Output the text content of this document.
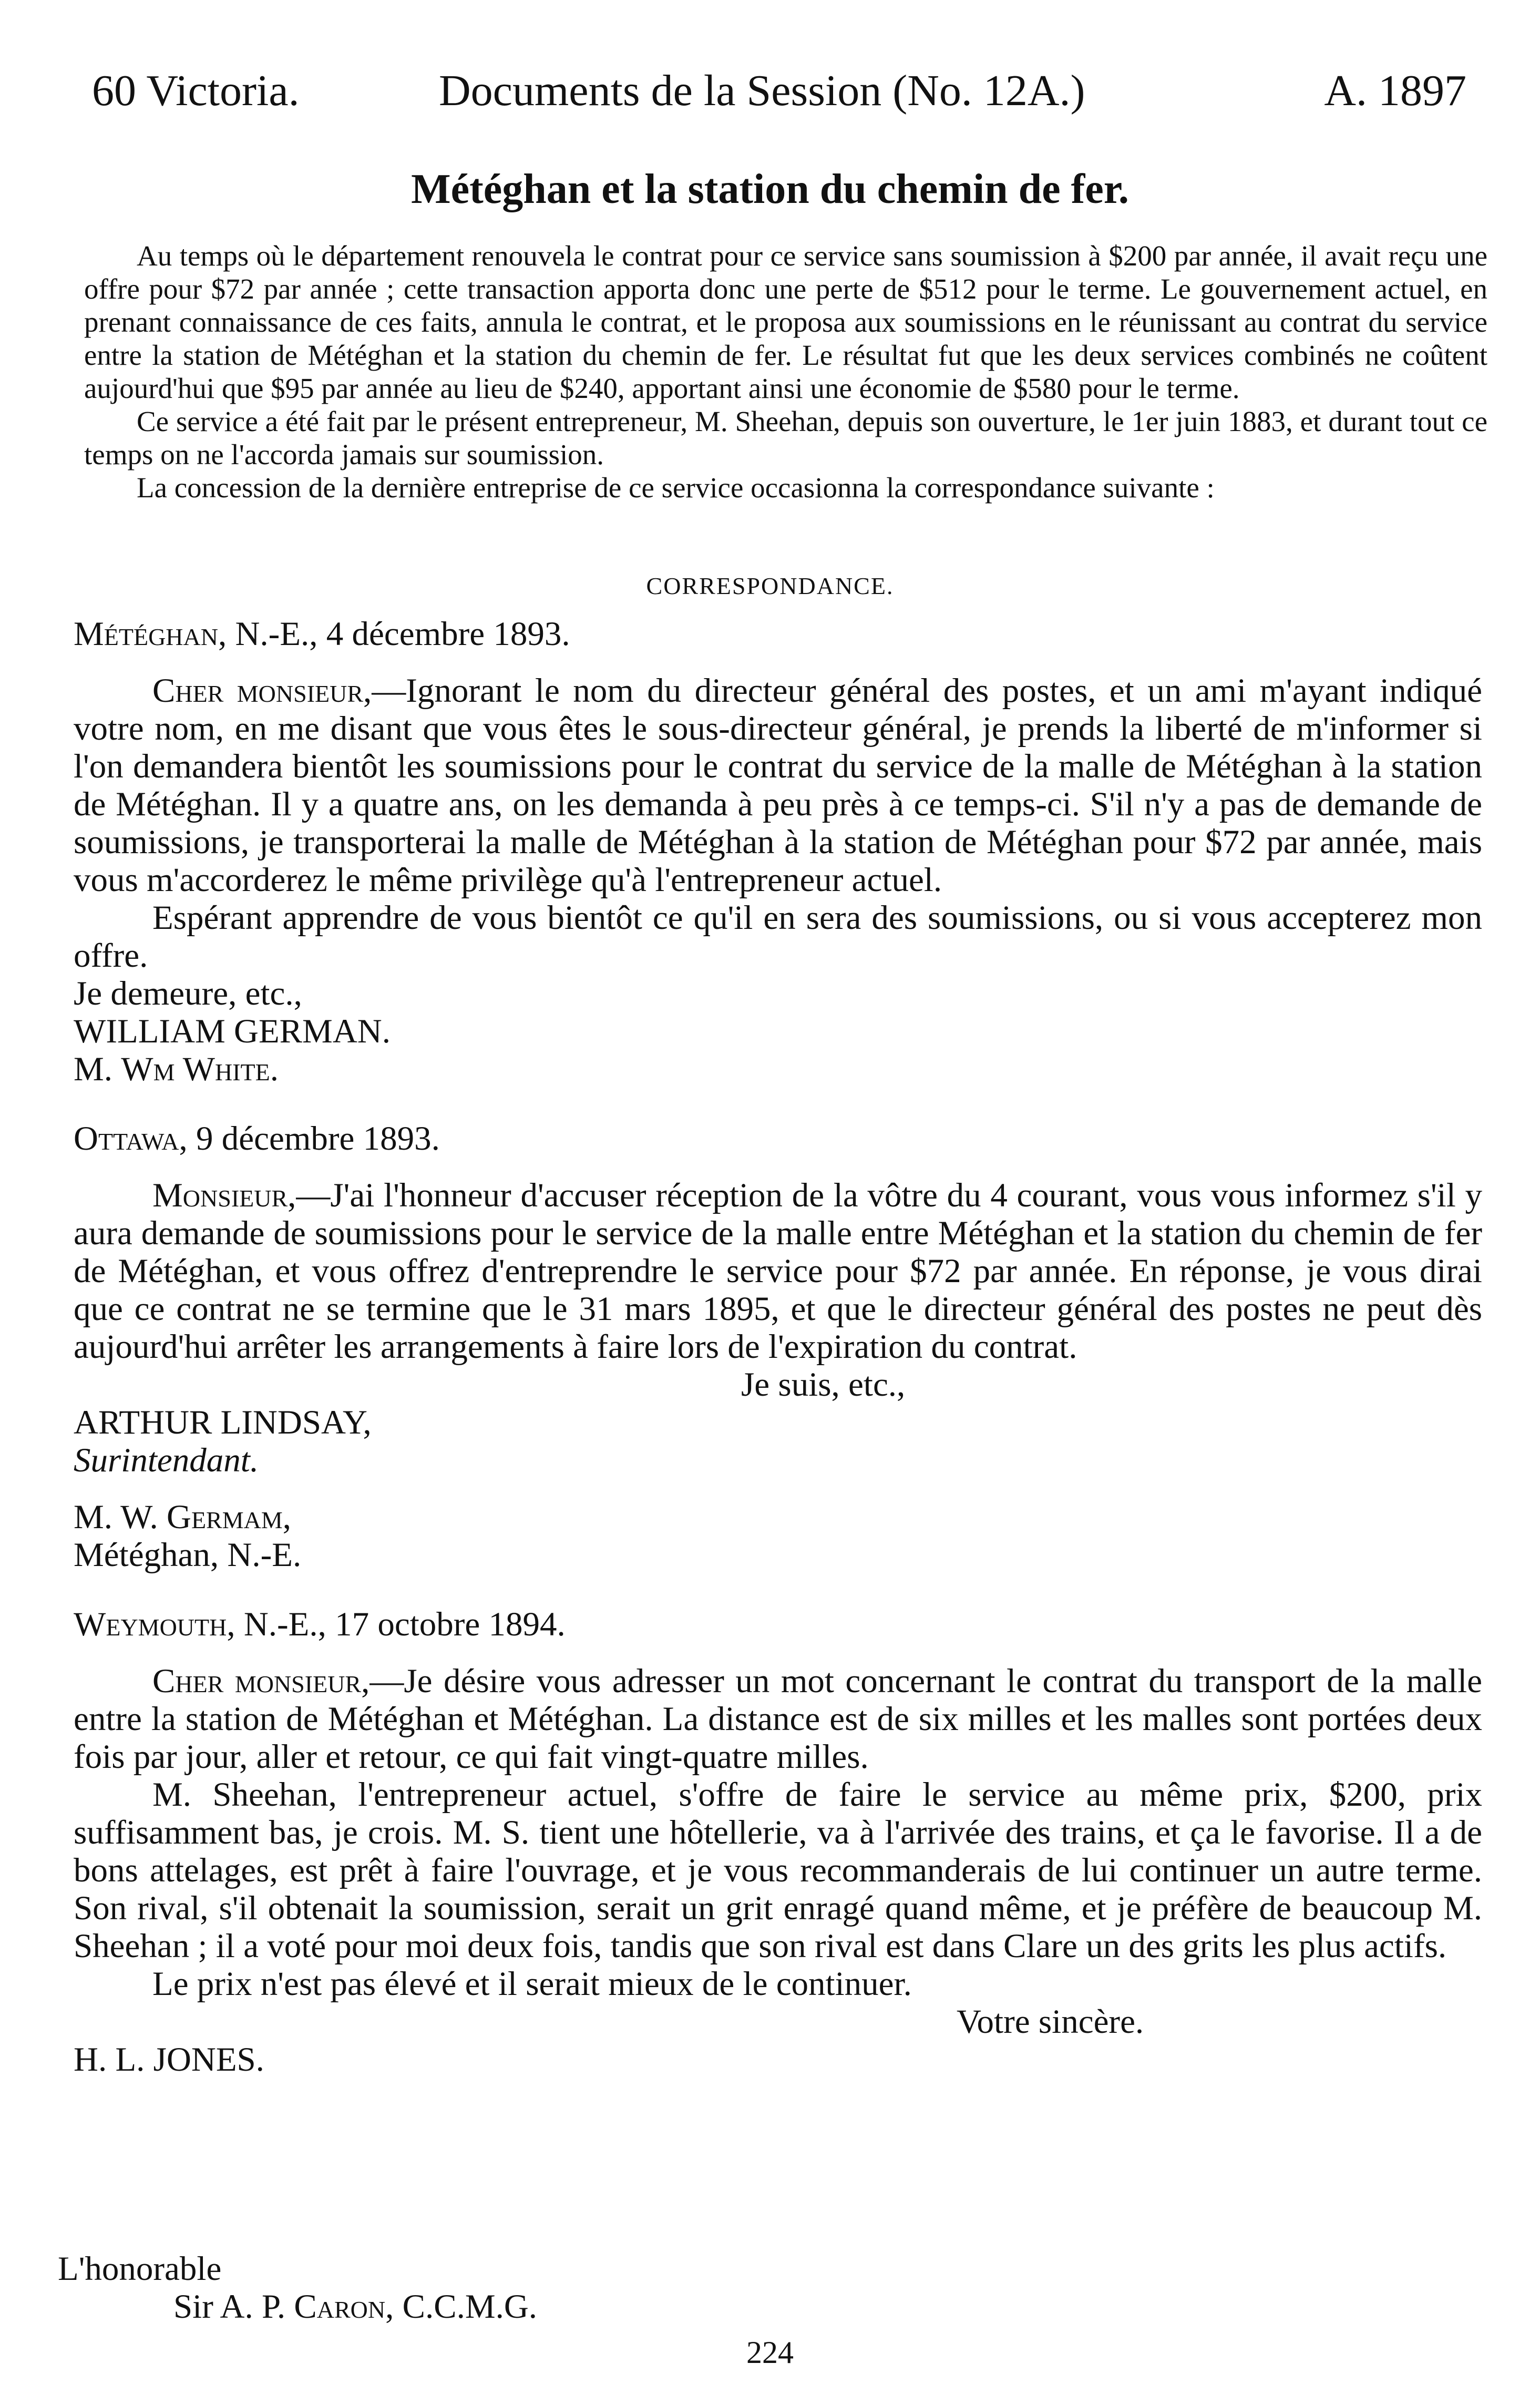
60 Victoria.	Documents de la Session (No. 12A.)	A. 1897
Météghan et la station du chemin de fer.

Au temps où le département renouvela le contrat pour ce service sans soumission à $200 par année, il avait reçu une offre pour $72 par année ; cette transaction apporta donc une perte de $512 pour le terme. Le gouvernement actuel, en prenant connaissance de ces faits, annula le contrat, et le proposa aux soumissions en le réunissant au contrat du service entre la station de Météghan et la station du chemin de fer. Le résultat fut que les deux services combinés ne coûtent aujourd'hui que $95 par année au lieu de $240, apportant ainsi une économie de $580 pour le terme.

Ce service a été fait par le présent entrepreneur, M. Sheehan, depuis son ouverture, le 1er juin 1883, et durant tout ce temps on ne l'accorda jamais sur soumission.

La concession de la dernière entreprise de ce service occasionna la correspondance suivante :

CORRESPONDANCE.

Météghan, N.-E., 4 décembre 1893.

Cher monsieur,—Ignorant le nom du directeur général des postes, et un ami m'ayant indiqué votre nom, en me disant que vous êtes le sous-directeur général, je prends la liberté de m'informer si l'on demandera bientôt les soumissions pour le contrat du service de la malle de Météghan à la station de Météghan. Il y a quatre ans, on les demanda à peu près à ce temps-ci. S'il n'y a pas de demande de soumissions, je transporterai la malle de Météghan à la station de Météghan pour $72 par année, mais vous m'accorderez le même privilège qu'à l'entrepreneur actuel.

Espérant apprendre de vous bientôt ce qu'il en sera des soumissions, ou si vous accepterez mon offre.

Je demeure, etc.,

WILLIAM GERMAN.

M. Wm White.

Ottawa, 9 décembre 1893.

Monsieur,—J'ai l'honneur d'accuser réception de la vôtre du 4 courant, vous vous informez s'il y aura demande de soumissions pour le service de la malle entre Météghan et la station du chemin de fer de Météghan, et vous offrez d'entreprendre le service pour $72 par année. En réponse, je vous dirai que ce contrat ne se termine que le 31 mars 1895, et que le directeur général des postes ne peut dès aujourd'hui arrêter les arrangements à faire lors de l'expiration du contrat.

Je suis, etc.,

ARTHUR LINDSAY,

Surintendant.

M. W. Germam,

Météghan, N.-E.

Weymouth, N.-E., 17 octobre 1894.

Cher monsieur,—Je désire vous adresser un mot concernant le contrat du transport de la malle entre la station de Météghan et Météghan. La distance est de six milles et les malles sont portées deux fois par jour, aller et retour, ce qui fait vingt-quatre milles.

M. Sheehan, l'entrepreneur actuel, s'offre de faire le service au même prix, $200, prix suffisamment bas, je crois. M. S. tient une hôtellerie, va à l'arrivée des trains, et ça le favorise. Il a de bons attelages, est prêt à faire l'ouvrage, et je vous recommanderais de lui continuer un autre terme. Son rival, s'il obtenait la soumission, serait un grit enragé quand même, et je préfère de beaucoup M. Sheehan ; il a voté pour moi deux fois, tandis que son rival est dans Clare un des grits les plus actifs.

Le prix n'est pas élevé et il serait mieux de le continuer.

Votre sincère.

H. L. JONES.

L'honorable
Sir A. P. Caron, C.C.M.G.
224
